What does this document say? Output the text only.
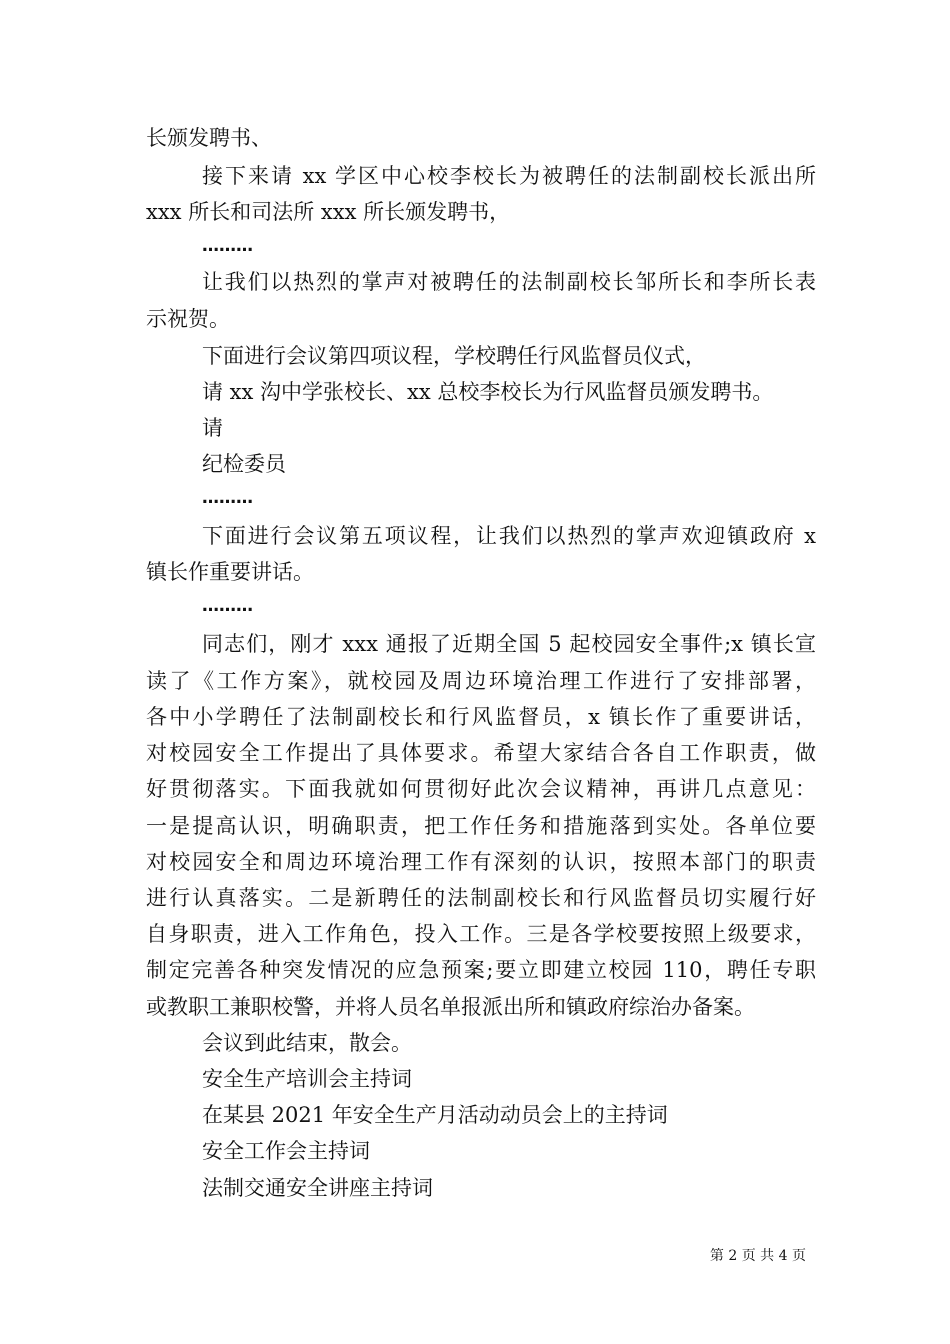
长颁发聘书、
接下来请 xx 学区中心校李校长为被聘任的法制副校长派出所
xxx 所长和司法所 xxx 所长颁发聘书，
………
让我们以热烈的掌声对被聘任的法制副校长邹所长和李所长表
示祝贺。
下面进行会议第四项议程，学校聘任行风监督员仪式，
请 xx 沟中学张校长、xx 总校李校长为行风监督员颁发聘书。
请
纪检委员
………
下面进行会议第五项议程，让我们以热烈的掌声欢迎镇政府 x
镇长作重要讲话。
………
同志们，刚才 xxx 通报了近期全国 5 起校园安全事件;x 镇长宣
读了《工作方案》，就校园及周边环境治理工作进行了安排部署，
各中小学聘任了法制副校长和行风监督员，x 镇长作了重要讲话，
对校园安全工作提出了具体要求。希望大家结合各自工作职责，做
好贯彻落实。下面我就如何贯彻好此次会议精神，再讲几点意见：
一是提高认识，明确职责，把工作任务和措施落到实处。各单位要
对校园安全和周边环境治理工作有深刻的认识，按照本部门的职责
进行认真落实。二是新聘任的法制副校长和行风监督员切实履行好
自身职责，进入工作角色，投入工作。三是各学校要按照上级要求，
制定完善各种突发情况的应急预案;要立即建立校园 110，聘任专职
或教职工兼职校警，并将人员名单报派出所和镇政府综治办备案。
会议到此结束，散会。
安全生产培训会主持词
在某县 2021 年安全生产月活动动员会上的主持词
安全工作会主持词
法制交通安全讲座主持词
第 2 页 共 4 页
